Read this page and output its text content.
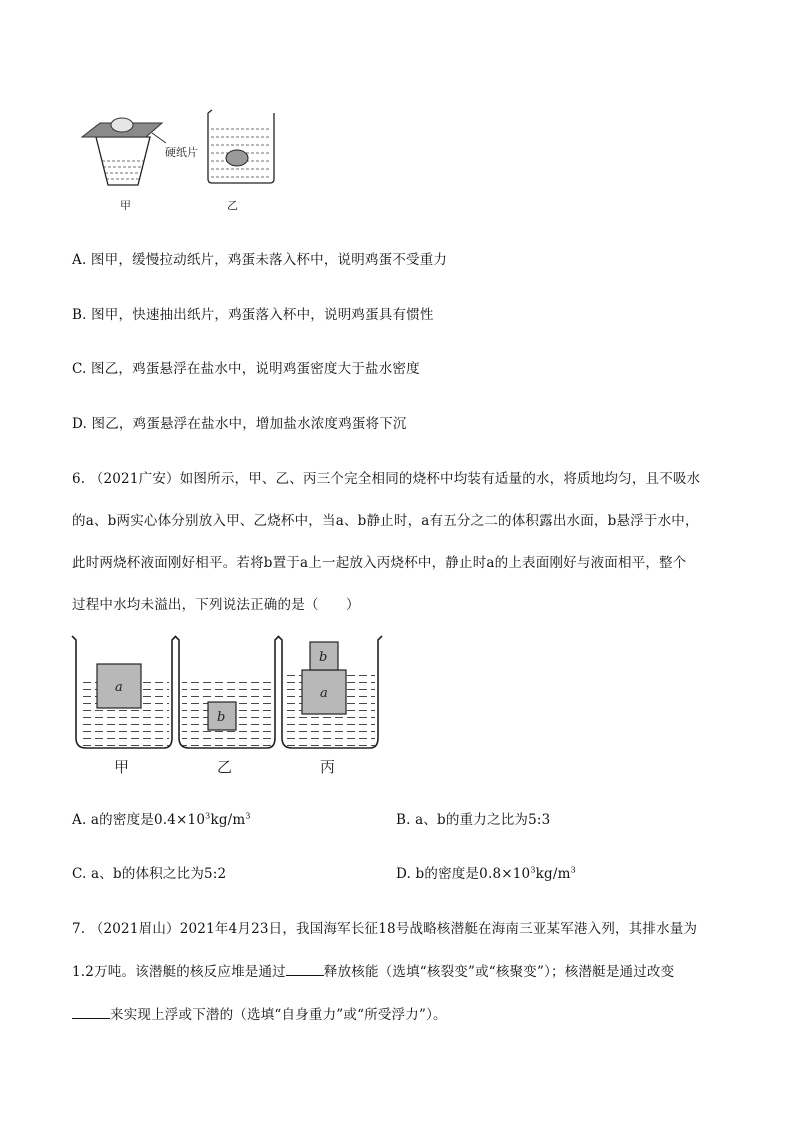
硬纸片
甲	乙
A. 图甲，缓慢拉动纸片，鸡蛋未落入杯中，说明鸡蛋不受重力
B. 图甲，快速抽出纸片，鸡蛋落入杯中，说明鸡蛋具有惯性
C. 图乙，鸡蛋悬浮在盐水中，说明鸡蛋密度大于盐水密度
D. 图乙，鸡蛋悬浮在盐水中，增加盐水浓度鸡蛋将下沉
6. （2021广安）如图所示，甲、乙、丙三个完全相同的烧杯中均装有适量的水，将质地均匀，且不吸水
的a、b两实心体分别放入甲、乙烧杯中，当a、b静止时，a有五分之二的体积露出水面，b悬浮于水中，
此时两烧杯液面刚好相平。若将b置于a上一起放入丙烧杯中，静止时a的上表面刚好与液面相平，整个
过程中水均未溢出，下列说法正确的是（　　）
a
b
a
b
甲	乙	丙
A. a的密度是$0.4\times 10^3kg/m^3$	B. a、b的重力之比为5:3
C. a、b的体积之比为5:2	D. b的密度是$0.8\times 10^3kg/m^3$
7. （2021眉山）2021年4月23日，我国海军长征18号战略核潜艇在海南三亚某军港入列，其排水量为
1.2万吨。该潜艇的核反应堆是通过	释放核能（选填“核裂变”或“核聚变”）；核潜艇是通过改变
来实现上浮或下潜的（选填“自身重力”或“所受浮力”）。
